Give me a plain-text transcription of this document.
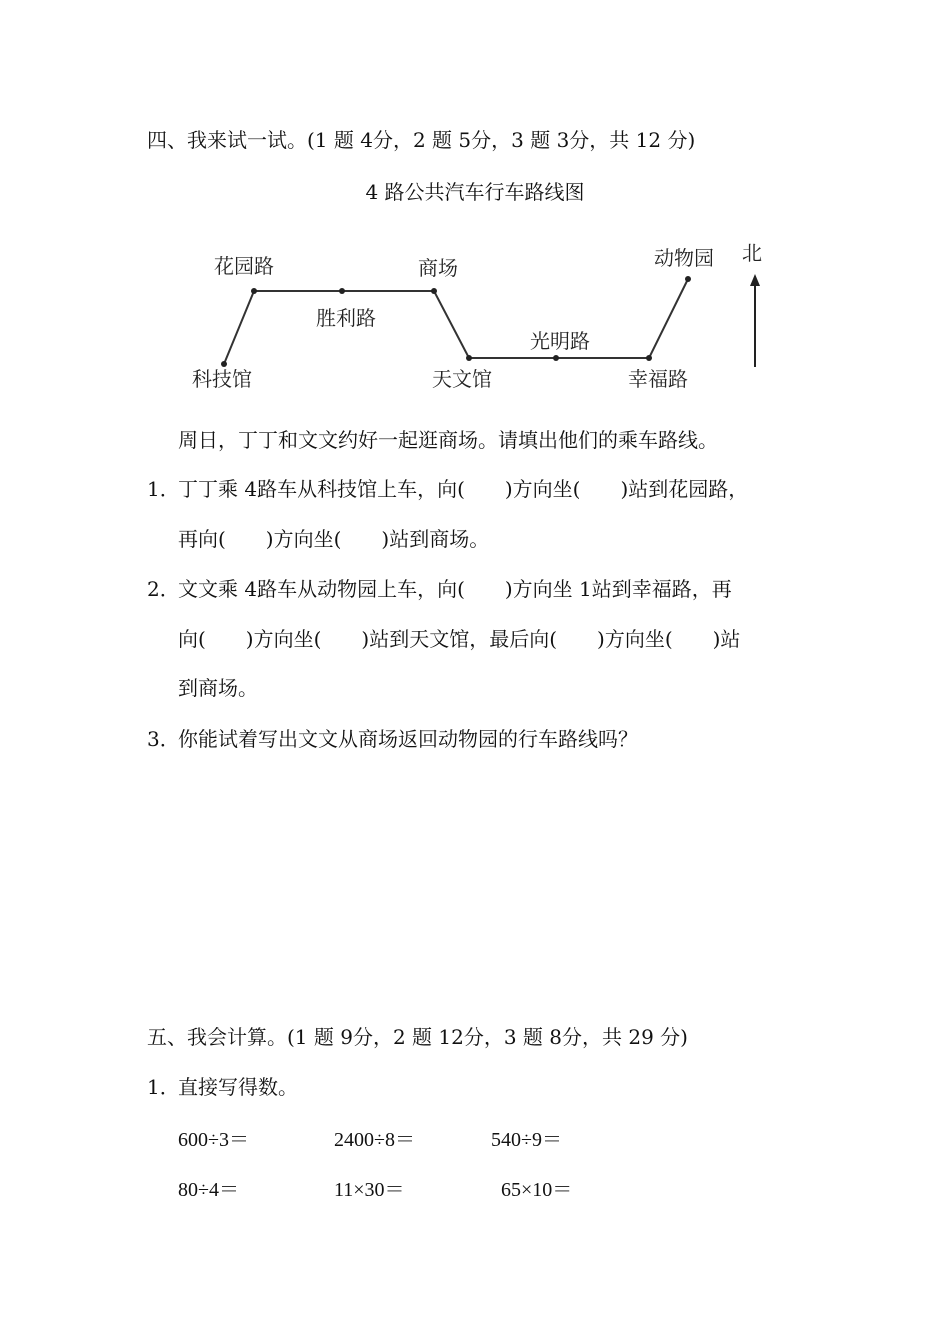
四、我来试一试。(1 题 4分，2 题 5分，3 题 3分，共 12 分)
4 路公共汽车行车路线图
花园路	商场	动物园
胜利路
光明路
科技馆	天文馆	幸福路
北
周日，丁丁和文文约好一起逛商场。请填出他们的乘车路线。
1．丁丁乘 4路车从科技馆上车，向(　　)方向坐(　　)站到花园路，
再向(　　)方向坐(　　)站到商场。
2．文文乘 4路车从动物园上车，向(　　)方向坐 1站到幸福路，再
向(　　)方向坐(　　)站到天文馆，最后向(　　)方向坐(　　)站
到商场。
3．你能试着写出文文从商场返回动物园的行车路线吗？
五、我会计算。(1 题 9分，2 题 12分，3 题 8分，共 29 分)
1．直接写得数。
600÷3＝	2400÷8＝	540÷9＝
80÷4＝	11×30＝	65×10＝
